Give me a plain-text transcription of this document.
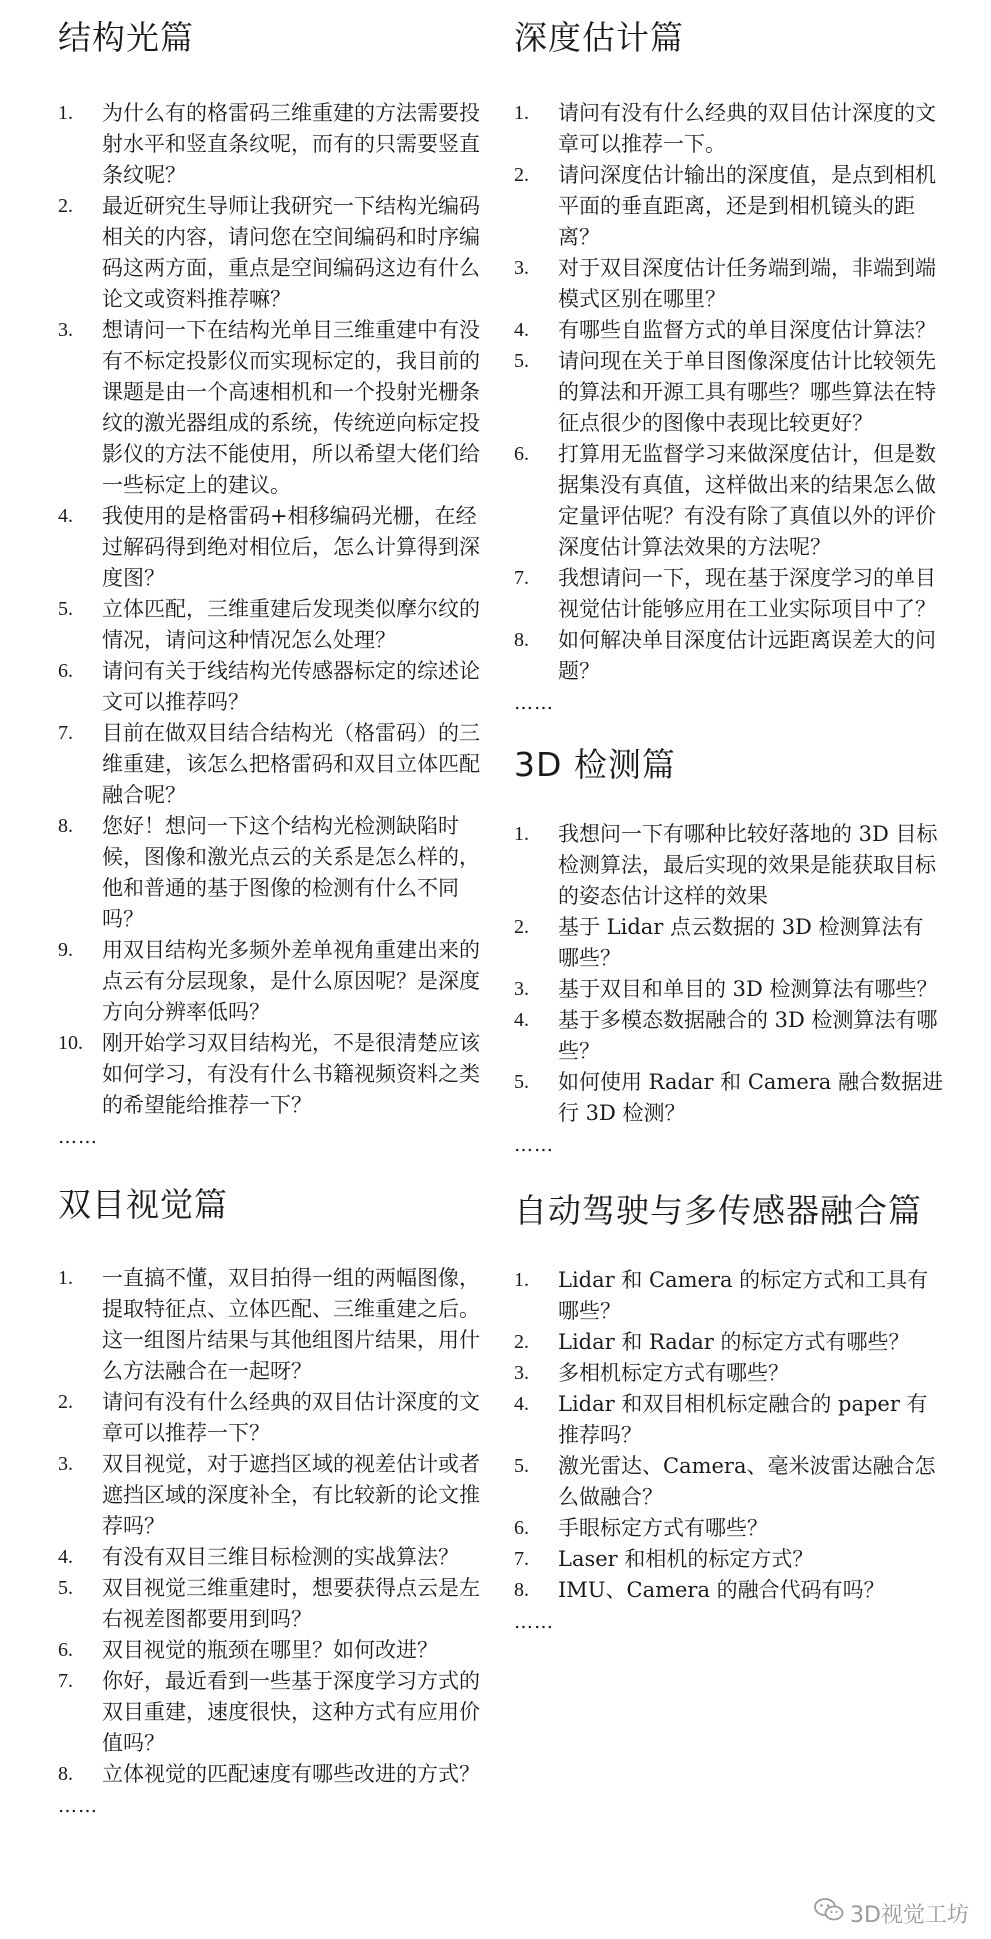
结构光篇
1.	为什么有的格雷码三维重建的方法需要投射水平和竖直条纹呢，而有的只需要竖直条纹呢？
2.	最近研究生导师让我研究一下结构光编码相关的内容，请问您在空间编码和时序编码这两方面，重点是空间编码这边有什么论文或资料推荐嘛？
3.	想请问一下在结构光单目三维重建中有没有不标定投影仪而实现标定的，我目前的课题是由一个高速相机和一个投射光栅条纹的激光器组成的系统，传统逆向标定投影仪的方法不能使用，所以希望大佬们给一些标定上的建议。
4.	我使用的是格雷码+相移编码光栅，在经过解码得到绝对相位后，怎么计算得到深度图？
5.	立体匹配，三维重建后发现类似摩尔纹的情况，请问这种情况怎么处理？
6.	请问有关于线结构光传感器标定的综述论文可以推荐吗？
7.	目前在做双目结合结构光（格雷码）的三维重建，该怎么把格雷码和双目立体匹配融合呢？
8.	您好！想问一下这个结构光检测缺陷时候，图像和激光点云的关系是怎么样的，他和普通的基于图像的检测有什么不同吗？
9.	用双目结构光多频外差单视角重建出来的点云有分层现象，是什么原因呢？是深度方向分辨率低吗？
10. 刚开始学习双目结构光，不是很清楚应该如何学习，有没有什么书籍视频资料之类的希望能给推荐一下？
……
双目视觉篇
1.	一直搞不懂，双目拍得一组的两幅图像，提取特征点、立体匹配、三维重建之后。这一组图片结果与其他组图片结果，用什么方法融合在一起呀？
2.	请问有没有什么经典的双目估计深度的文章可以推荐一下？
3.	双目视觉，对于遮挡区域的视差估计或者遮挡区域的深度补全，有比较新的论文推荐吗？
4.	有没有双目三维目标检测的实战算法？
5.	双目视觉三维重建时，想要获得点云是左右视差图都要用到吗？
6.	双目视觉的瓶颈在哪里？如何改进？
7.	你好，最近看到一些基于深度学习方式的双目重建，速度很快，这种方式有应用价值吗？
8.	立体视觉的匹配速度有哪些改进的方式？
……
深度估计篇
1.	请问有没有什么经典的双目估计深度的文章可以推荐一下。
2.	请问深度估计输出的深度值，是点到相机平面的垂直距离，还是到相机镜头的距离？
3.	对于双目深度估计任务端到端，非端到端模式区别在哪里？
4.	有哪些自监督方式的单目深度估计算法？
5.	请问现在关于单目图像深度估计比较领先的算法和开源工具有哪些？哪些算法在特征点很少的图像中表现比较更好？
6.	打算用无监督学习来做深度估计，但是数据集没有真值，这样做出来的结果怎么做定量评估呢？有没有除了真值以外的评价深度估计算法效果的方法呢？
7.	我想请问一下，现在基于深度学习的单目视觉估计能够应用在工业实际项目中了？
8.	如何解决单目深度估计远距离误差大的问题？
……
3D 检测篇
1.	我想问一下有哪种比较好落地的 3D 目标检测算法，最后实现的效果是能获取目标的姿态估计这样的效果
2.	基于 Lidar 点云数据的 3D 检测算法有哪些？
3.	基于双目和单目的 3D 检测算法有哪些？
4.	基于多模态数据融合的 3D 检测算法有哪些？
5.	如何使用 Radar 和 Camera 融合数据进行 3D 检测？
……
自动驾驶与多传感器融合篇
1.	Lidar 和 Camera 的标定方式和工具有哪些？
2.	Lidar 和 Radar 的标定方式有哪些？
3.	多相机标定方式有哪些？
4.	Lidar 和双目相机标定融合的 paper 有推荐吗？
5.	激光雷达、Camera、毫米波雷达融合怎么做融合？
6.	手眼标定方式有哪些？
7.	Laser 和相机的标定方式？
8.	IMU、Camera 的融合代码有吗？
……
3D视觉工坊
